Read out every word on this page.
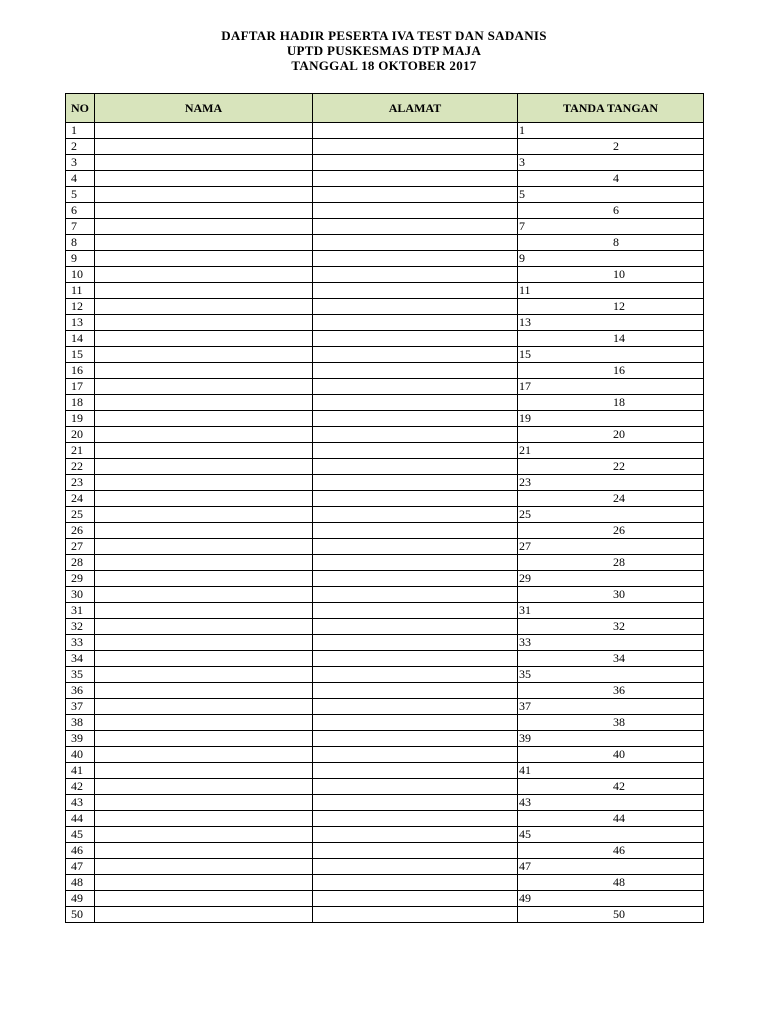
DAFTAR HADIR PESERTA IVA TEST DAN SADANIS
UPTD PUSKESMAS DTP MAJA
TANGGAL 18 OKTOBER 2017
NO	NAMA	ALAMAT	TANDA TANGAN
1			1
2			2
3			3
4			4
5			5
6			6
7			7
8			8
9			9
10			10
11			11
12			12
13			13
14			14
15			15
16			16
17			17
18			18
19			19
20			20
21			21
22			22
23			23
24			24
25			25
26			26
27			27
28			28
29			29
30			30
31			31
32			32
33			33
34			34
35			35
36			36
37			37
38			38
39			39
40			40
41			41
42			42
43			43
44			44
45			45
46			46
47			47
48			48
49			49
50			50
